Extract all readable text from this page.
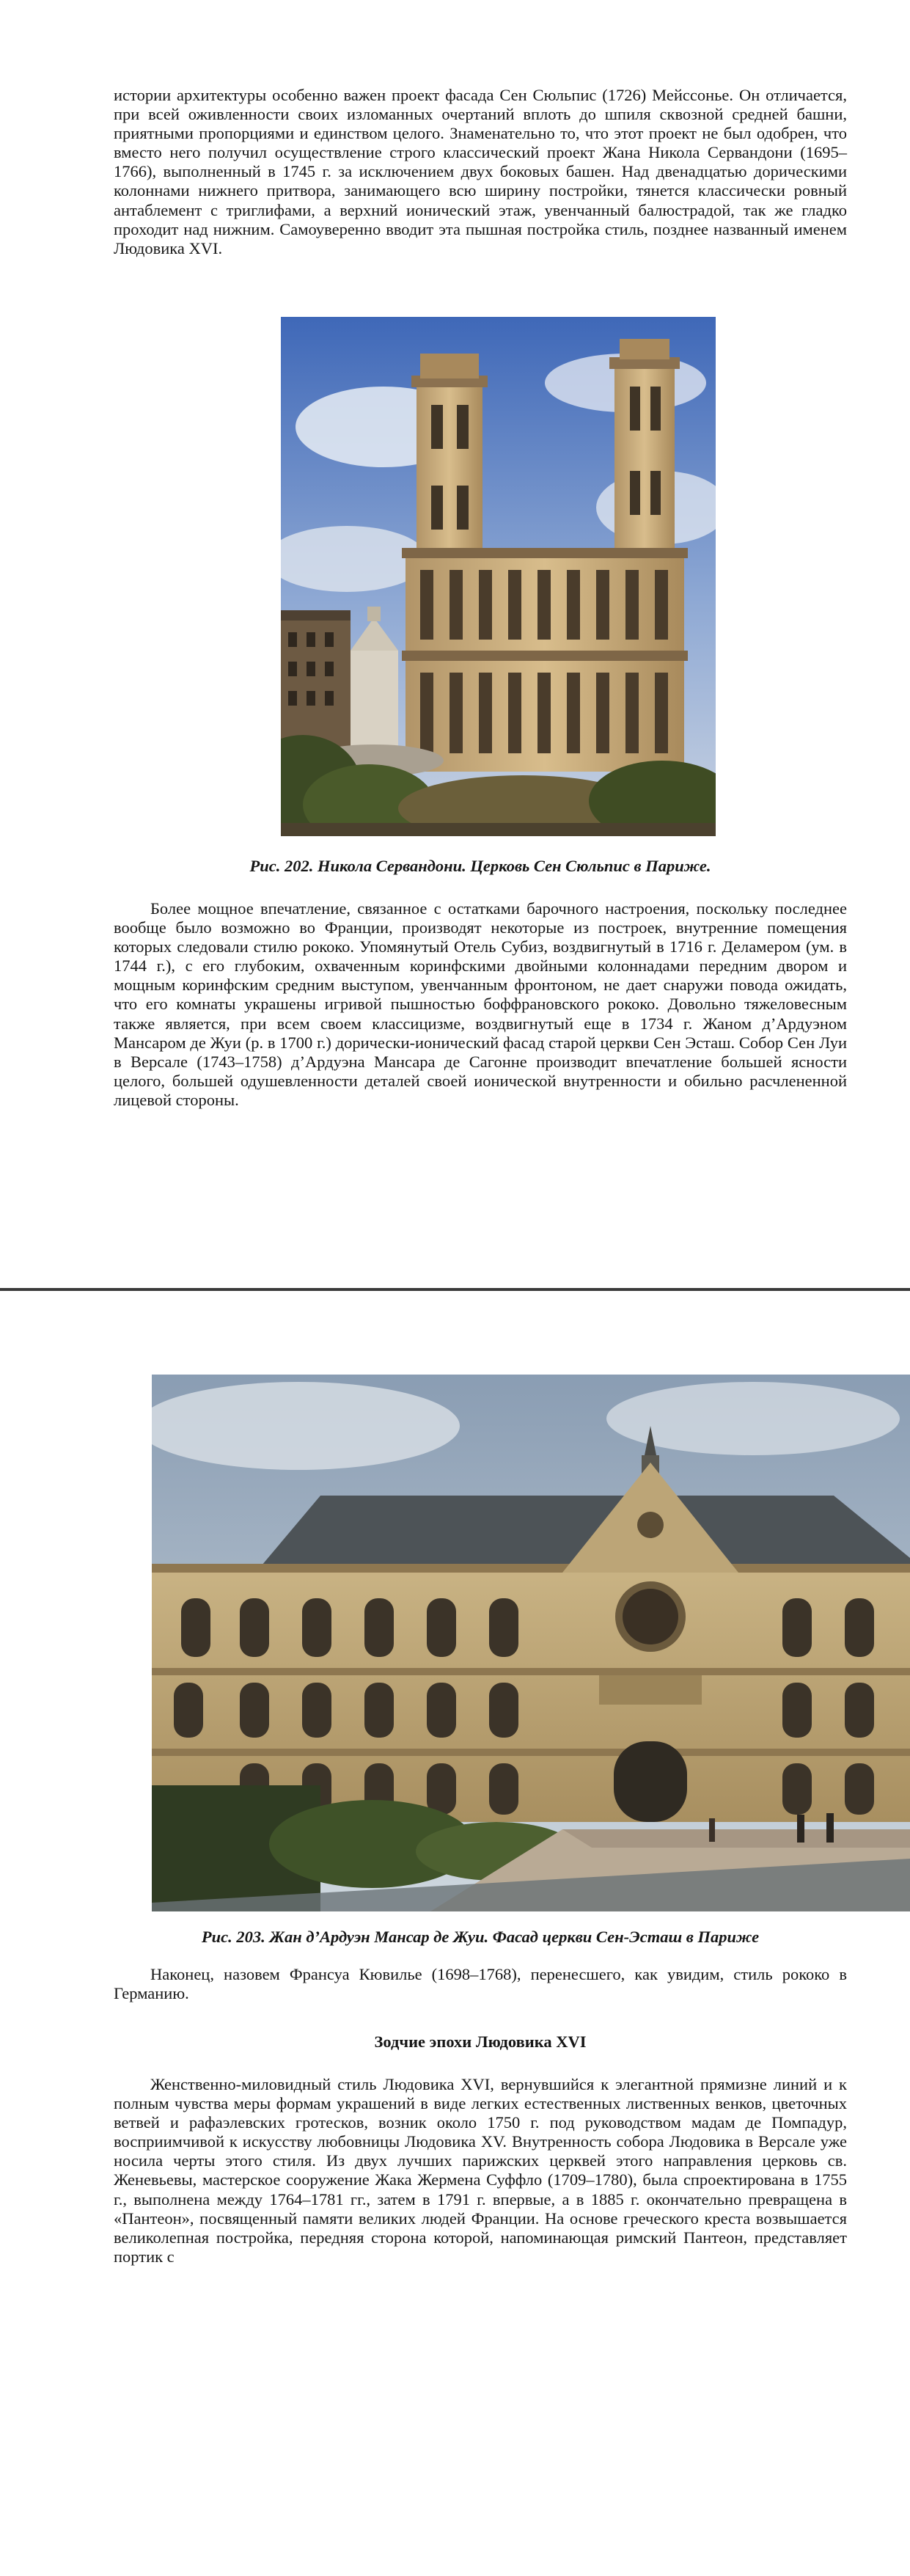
истории архитектуры особенно важен проект фасада Сен Сюльпис (1726) Мейссонье. Он отличается, при всей оживленности своих изломанных очертаний вплоть до шпиля сквозной средней башни, приятными пропорциями и единством целого. Знаменательно то, что этот проект не был одобрен, что вместо него получил осуществление строго классический проект Жана Никола Сервандони (1695–1766), выполненный в 1745 г. за исключением двух боковых башен. Над двенадцатью дорическими колоннами нижнего притвора, занимающего всю ширину постройки, тянется классически ровный антаблемент с триглифами, а верхний ионический этаж, увенчанный балюстрадой, так же гладко проходит над нижним. Самоуверенно вводит эта пышная постройка стиль, позднее названный именем Людовика XVI.

Рис. 202. Никола Сервандони. Церковь Сен Сюльпис в Париже.

Более мощное впечатление, связанное с остатками барочного настроения, поскольку последнее вообще было возможно во Франции, производят некоторые из построек, внутренние помещения которых следовали стилю рококо. Упомянутый Отель Субиз, воздвигнутый в 1716 г. Деламером (ум. в 1744 г.), с его глубоким, охваченным коринфскими двойными колоннадами передним двором и мощным коринфским средним выступом, увенчанным фронтоном, не дает снаружи повода ожидать, что его комнаты украшены игривой пышностью боффрановского рококо. Довольно тяжеловесным также является, при всем своем классицизме, воздвигнутый еще в 1734 г. Жаном д’Ардуэном Мансаром де Жуи (р. в 1700 г.) дорически-ионический фасад старой церкви Сен Эсташ. Собор Сен Луи в Версале (1743–1758) д’Ардуэна Мансара де Сагонне производит впечатление большей ясности целого, большей одушевленности деталей своей ионической внутренности и обильно расчлененной лицевой стороны.

Рис. 203. Жан д’Ардуэн Мансар де Жуи. Фасад церкви Сен-Эсташ в Париже

Наконец, назовем Франсуа Кювилье (1698–1768), перенесшего, как увидим, стиль рококо в Германию.

Зодчие эпохи Людовика XVI

Женственно-миловидный стиль Людовика XVI, вернувшийся к элегантной прямизне линий и к полным чувства меры формам украшений в виде легких естественных лиственных венков, цветочных ветвей и рафаэлевских гротесков, возник около 1750 г. под руководством мадам де Помпадур, восприимчивой к искусству любовницы Людовика XV. Внутренность собора Людовика в Версале уже носила черты этого стиля. Из двух лучших парижских церквей этого направления церковь св. Женевьевы, мастерское сооружение Жака Жермена Суффло (1709–1780), была спроектирована в 1755 г., выполнена между 1764–1781 гг., затем в 1791 г. впервые, а в 1885 г. окончательно превращена в «Пантеон», посвященный памяти великих людей Франции. На основе греческого креста возвышается великолепная постройка, передняя сторона которой, напоминающая римский Пантеон, представляет портик с
